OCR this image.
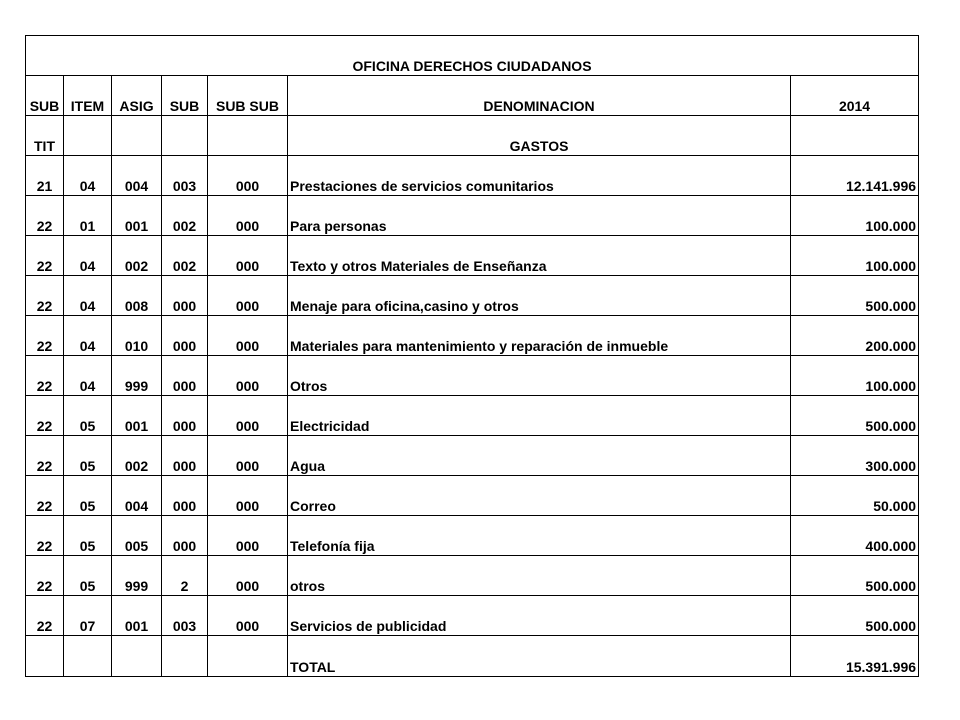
OFICINA DERECHOS CIUDADANOS						
SUB	ITEM	ASIG	SUB	SUB SUB	DENOMINACION	2014
TIT					GASTOS	
21	04	004	003	000	Prestaciones de servicios comunitarios	12.141.996
22	01	001	002	000	Para personas	100.000
22	04	002	002	000	Texto y otros Materiales de Enseñanza	100.000
22	04	008	000	000	Menaje para oficina,casino y otros	500.000
22	04	010	000	000	Materiales para mantenimiento y reparación de inmueble	200.000
22	04	999	000	000	Otros	100.000
22	05	001	000	000	Electricidad	500.000
22	05	002	000	000	Agua	300.000
22	05	004	000	000	Correo	50.000
22	05	005	000	000	Telefonía fija	400.000
22	05	999	2	000	otros	500.000
22	07	001	003	000	Servicios de publicidad	500.000
					TOTAL	15.391.996
